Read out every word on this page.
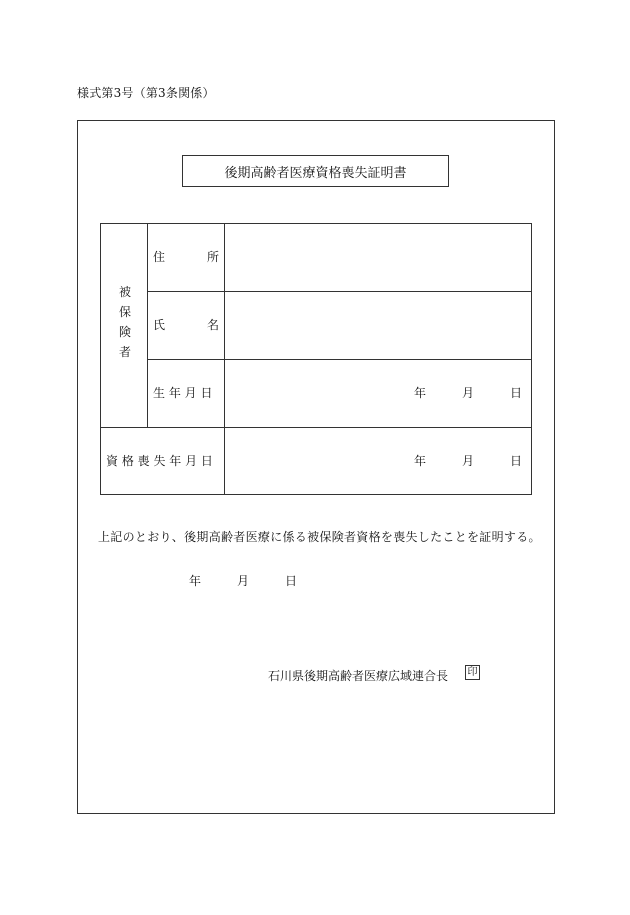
様式第3号（第3条関係）
後期高齢者医療資格喪失証明書
被
保
険
者
住	所
氏	名
生 年 月 日	年	月	日
資 格 喪 失 年 月 日	年	月	日
上記のとおり、後期高齢者医療に係る被保険者資格を喪失したことを証明する。
年	月	日
石川県後期高齢者医療広域連合長 印
